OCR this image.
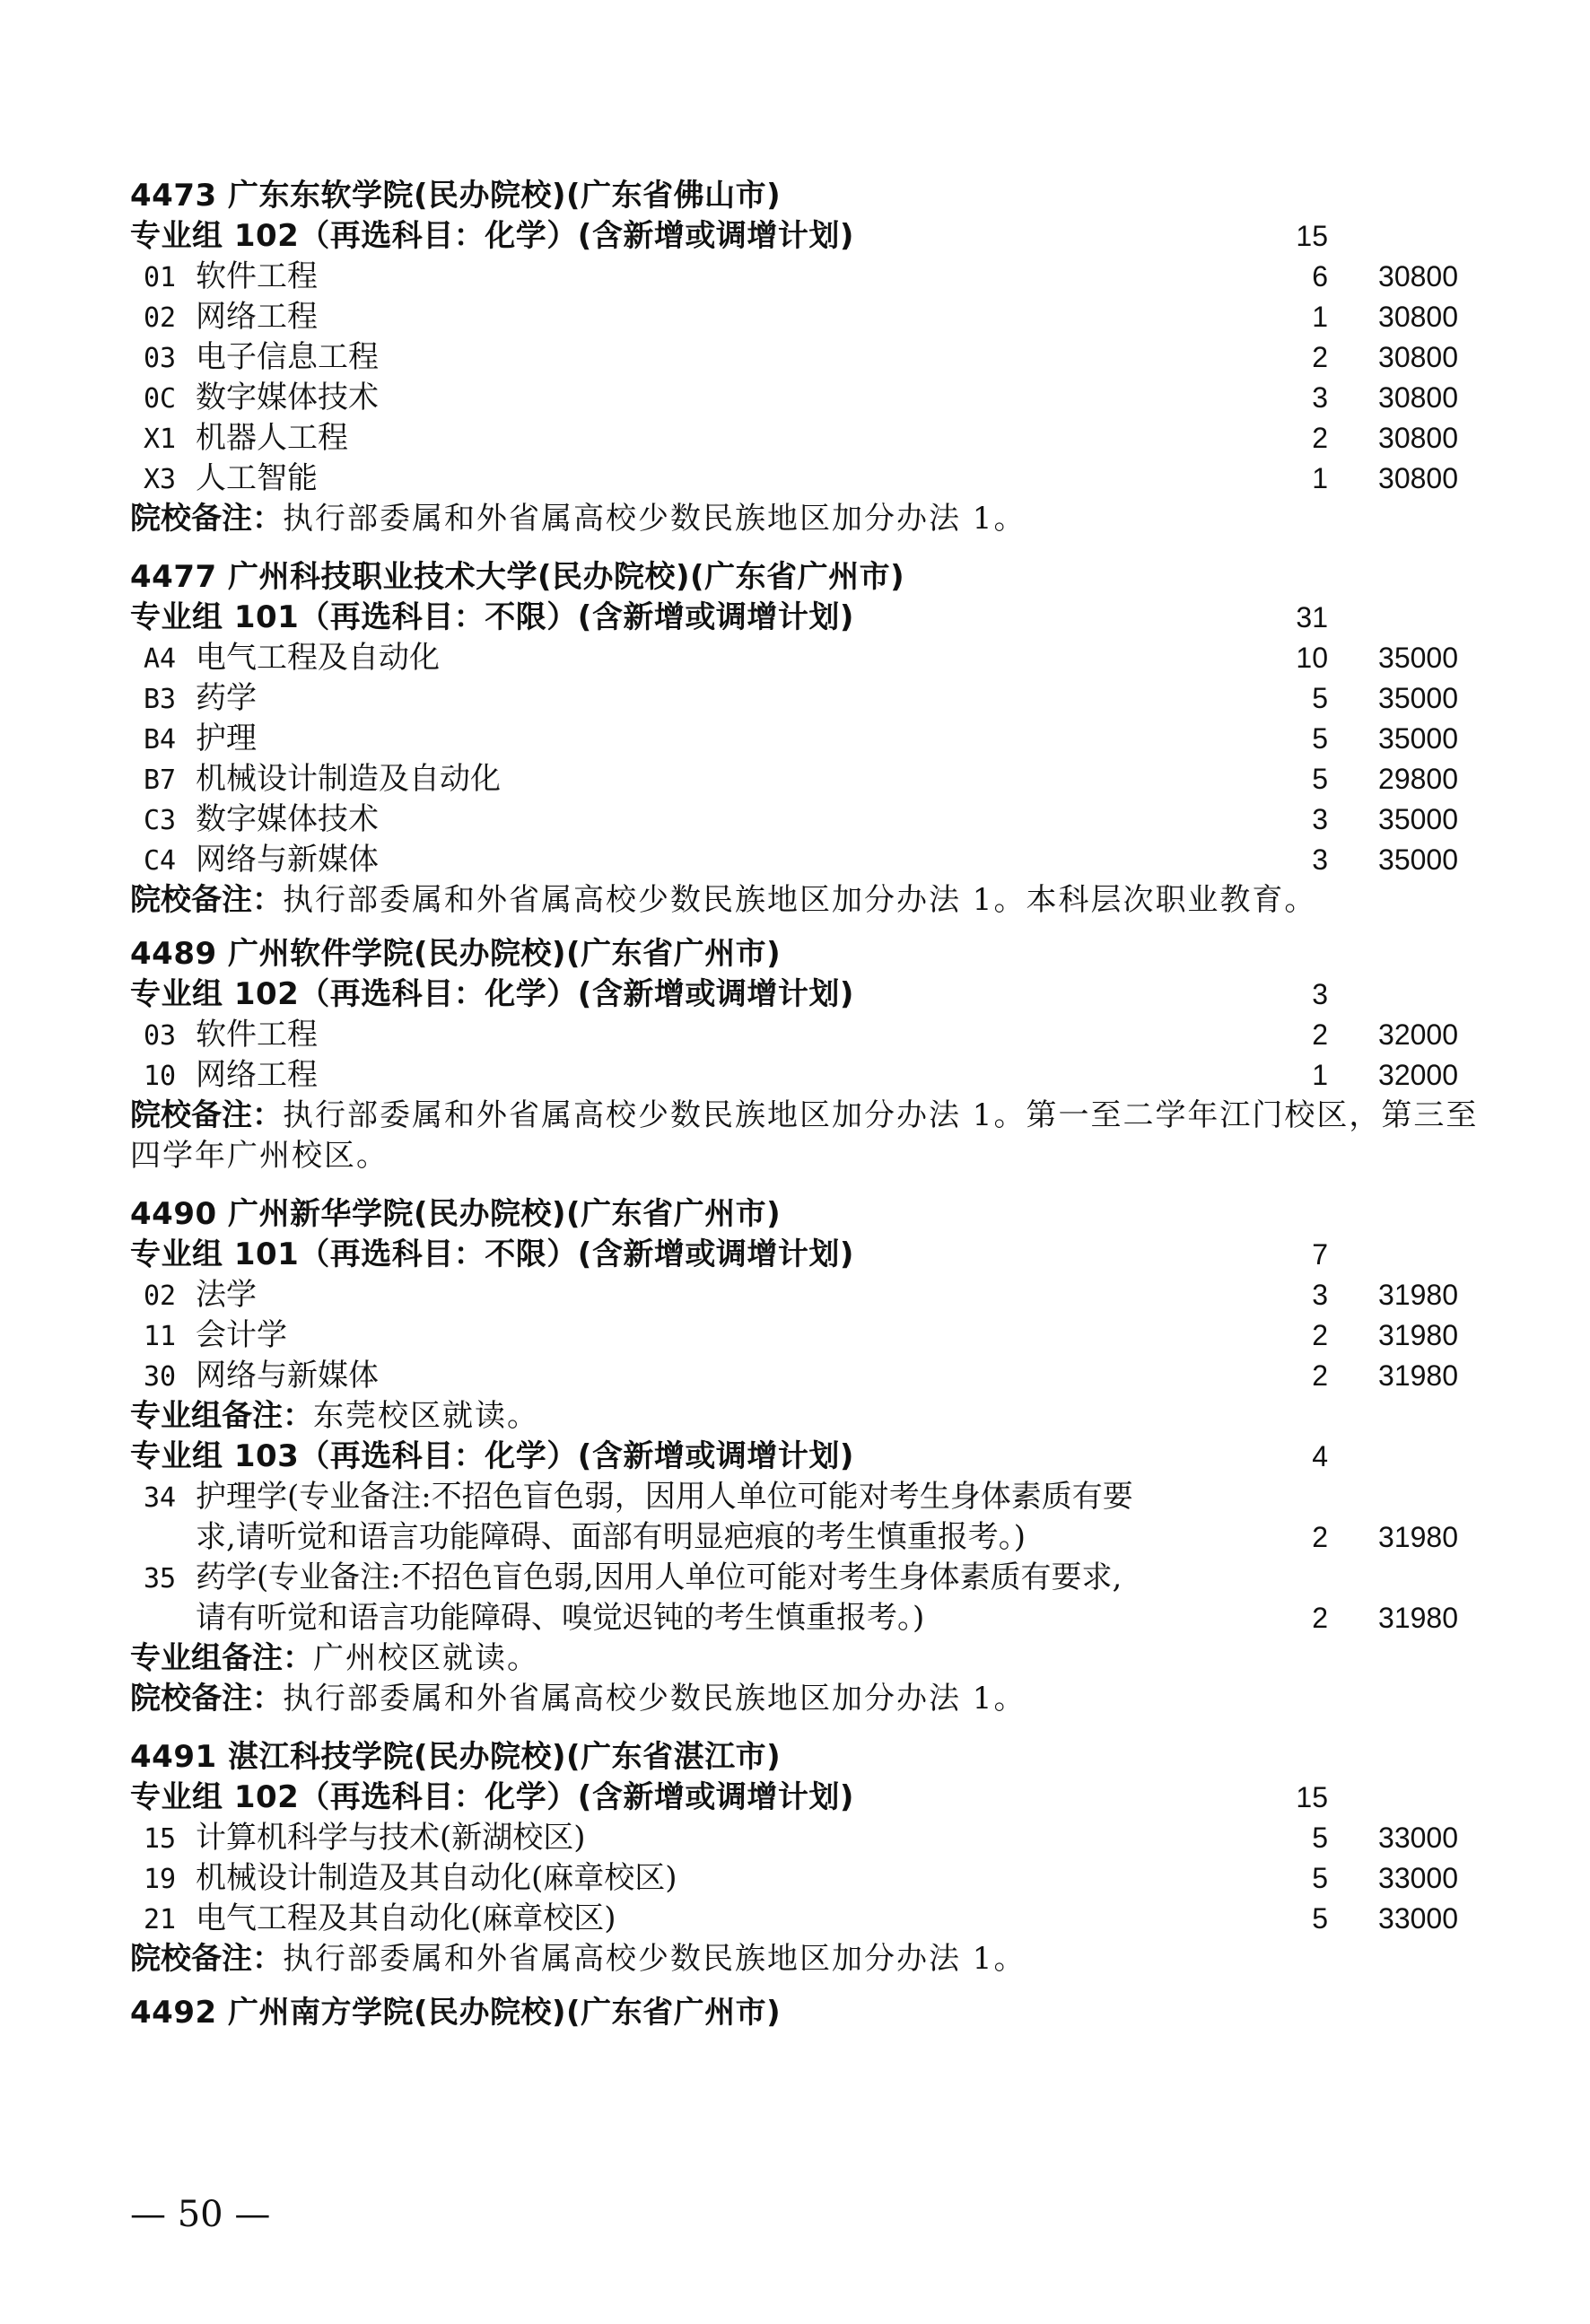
4473 广东东软学院(民办院校)(广东省佛山市)
专业组 102（再选科目：化学）(含新增或调增计划)	15
01 软件工程	6	30800
02 网络工程	1	30800
03 电子信息工程	2	30800
0C 数字媒体技术	3	30800
X1 机器人工程	2	30800
X3 人工智能	1	30800
院校备注：执行部委属和外省属高校少数民族地区加分办法 1。
4477 广州科技职业技术大学(民办院校)(广东省广州市)
专业组 101（再选科目：不限）(含新增或调增计划)	31
A4 电气工程及自动化	10	35000
B3 药学	5	35000
B4 护理	5	35000
B7 机械设计制造及自动化	5	29800
C3 数字媒体技术	3	35000
C4 网络与新媒体	3	35000
院校备注：执行部委属和外省属高校少数民族地区加分办法 1。本科层次职业教育。
4489 广州软件学院(民办院校)(广东省广州市)
专业组 102（再选科目：化学）(含新增或调增计划)	3
03 软件工程	2	32000
10 网络工程	1	32000
院校备注：执行部委属和外省属高校少数民族地区加分办法 1。第一至二学年江门校区，第三至
四学年广州校区。
4490 广州新华学院(民办院校)(广东省广州市)
专业组 101（再选科目：不限）(含新增或调增计划)	7
02 法学	3	31980
11 会计学	2	31980
30 网络与新媒体	2	31980
专业组备注：东莞校区就读。
专业组 103（再选科目：化学）(含新增或调增计划)	4
34 护理学(专业备注:不招色盲色弱，因用人单位可能对考生身体素质有要
求,请听觉和语言功能障碍、面部有明显疤痕的考生慎重报考。)	2	31980
35 药学(专业备注:不招色盲色弱,因用人单位可能对考生身体素质有要求,
请有听觉和语言功能障碍、嗅觉迟钝的考生慎重报考。)	2	31980
专业组备注：广州校区就读。
院校备注：执行部委属和外省属高校少数民族地区加分办法 1。
4491 湛江科技学院(民办院校)(广东省湛江市)
专业组 102（再选科目：化学）(含新增或调增计划)	15
15 计算机科学与技术(新湖校区)	5	33000
19 机械设计制造及其自动化(麻章校区)	5	33000
21 电气工程及其自动化(麻章校区)	5	33000
院校备注：执行部委属和外省属高校少数民族地区加分办法 1。
4492 广州南方学院(民办院校)(广东省广州市)
— 50 —
